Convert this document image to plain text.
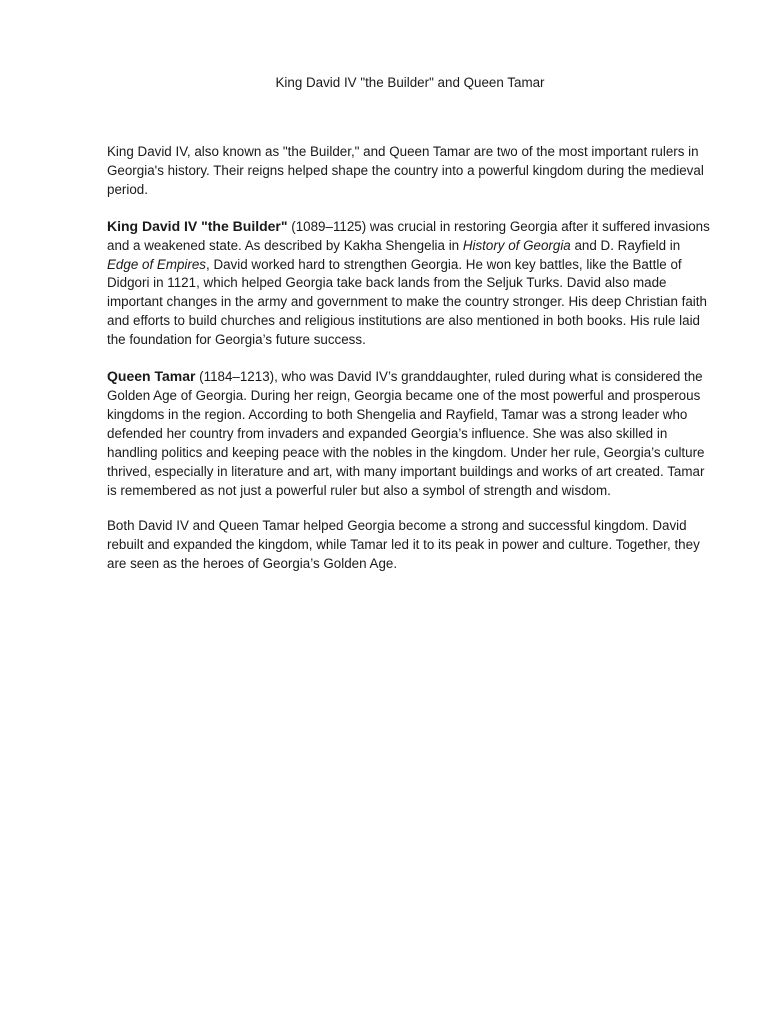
King David IV "the Builder" and Queen Tamar

King David IV, also known as "the Builder," and Queen Tamar are two of the most important rulers in Georgia's history. Their reigns helped shape the country into a powerful kingdom during the medieval period.

King David IV "the Builder" (1089–1125) was crucial in restoring Georgia after it suffered invasions and a weakened state. As described by Kakha Shengelia in History of Georgia and D. Rayfield in Edge of Empires, David worked hard to strengthen Georgia. He won key battles, like the Battle of Didgori in 1121, which helped Georgia take back lands from the Seljuk Turks. David also made important changes in the army and government to make the country stronger. His deep Christian faith and efforts to build churches and religious institutions are also mentioned in both books. His rule laid the foundation for Georgia’s future success.

Queen Tamar (1184–1213), who was David IV’s granddaughter, ruled during what is considered the Golden Age of Georgia. During her reign, Georgia became one of the most powerful and prosperous kingdoms in the region. According to both Shengelia and Rayfield, Tamar was a strong leader who defended her country from invaders and expanded Georgia’s influence. She was also skilled in handling politics and keeping peace with the nobles in the kingdom. Under her rule, Georgia’s culture thrived, especially in literature and art, with many important buildings and works of art created. Tamar is remembered as not just a powerful ruler but also a symbol of strength and wisdom.

Both David IV and Queen Tamar helped Georgia become a strong and successful kingdom. David rebuilt and expanded the kingdom, while Tamar led it to its peak in power and culture. Together, they are seen as the heroes of Georgia’s Golden Age.
